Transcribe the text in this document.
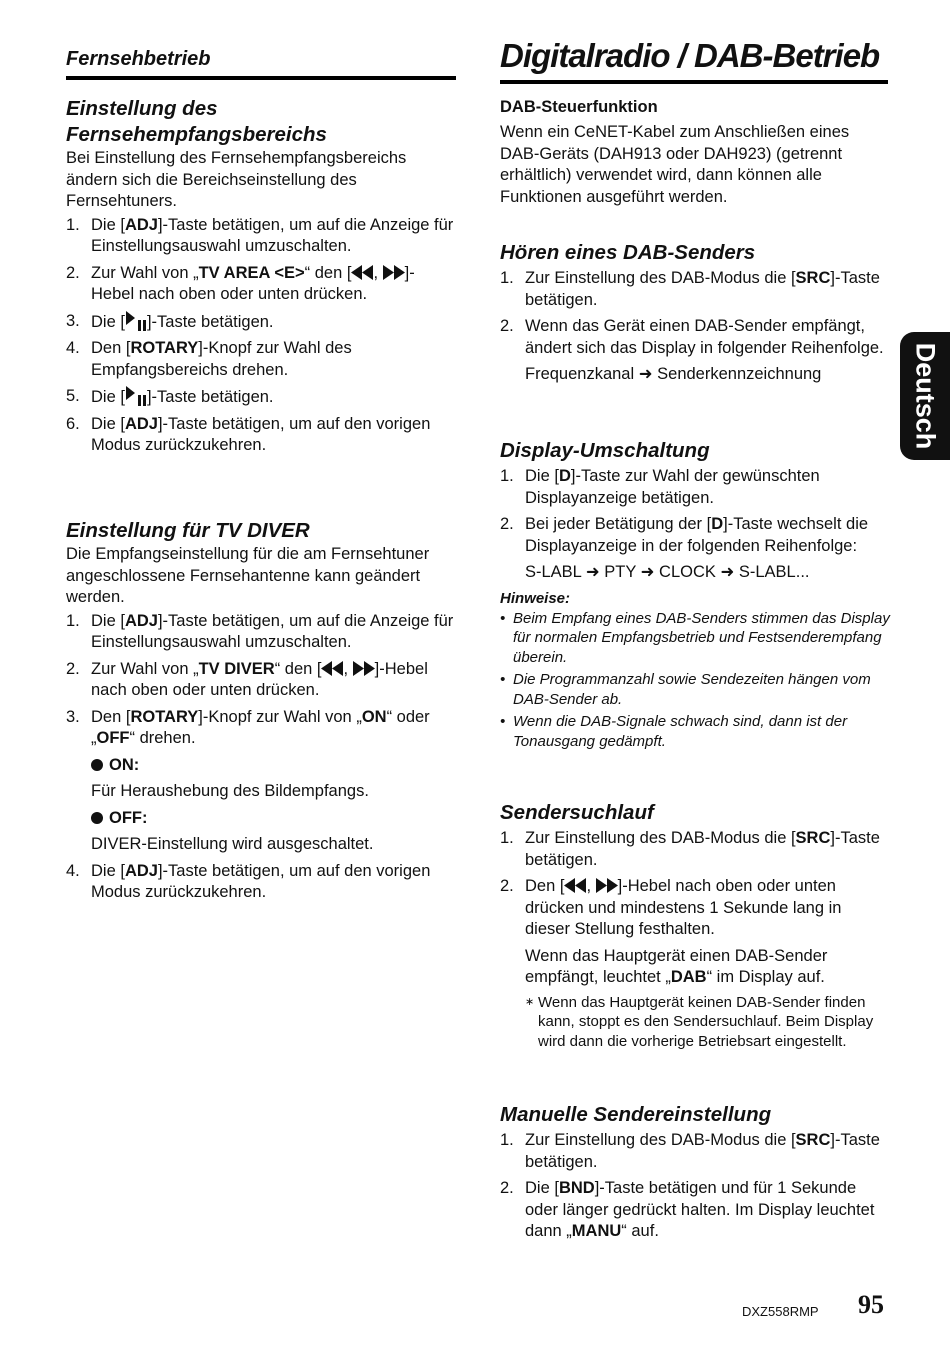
Fernsehbetrieb	Digitalradio / DAB-Betrieb
Einstellung des
Fernsehempfangsbereichs

Bei Einstellung des Fernsehempfangsbereichs ändern sich die Bereichseinstellung des Fernsehtuners.

1. Die [ADJ]-Taste betätigen, um auf die Anzeige für Einstellungsauswahl umzuschalten.
2. Zur Wahl von „TV AREA <E>“ den [ , ]-Hebel nach oben oder unten drücken.
3. Die [ ]-Taste betätigen.
4. Den [ROTARY]-Knopf zur Wahl des Empfangsbereichs drehen.
5. Die [ ]-Taste betätigen.
6. Die [ADJ]-Taste betätigen, um auf den vorigen Modus zurückzukehren.
Einstellung für TV DIVER

Die Empfangseinstellung für die am Fernsehtuner angeschlossene Fernsehantenne kann geändert werden.

1. Die [ADJ]-Taste betätigen, um auf die Anzeige für Einstellungsauswahl umzuschalten.
2. Zur Wahl von „TV DIVER“ den [ , ]-Hebel nach oben oder unten drücken.
3. Den [ROTARY]-Knopf zur Wahl von „ON“ oder „OFF“ drehen.
ON:
Für Heraushebung des Bildempfangs.
OFF:
DIVER-Einstellung wird ausgeschaltet.
4. Die [ADJ]-Taste betätigen, um auf den vorigen Modus zurückzukehren.
DAB-Steuerfunktion

Wenn ein CeNET-Kabel zum Anschließen eines DAB-Geräts (DAH913 oder DAH923) (getrennt erhältlich) verwendet wird, dann können alle Funktionen ausgeführt werden.

Hören eines DAB-Senders
1. Zur Einstellung des DAB-Modus die [SRC]-Taste betätigen.
2. Wenn das Gerät einen DAB-Sender empfängt, ändert sich das Display in folgender Reihenfolge.
Frequenzkanal ➜ Senderkennzeichnung
Display-Umschaltung
1. Die [D]-Taste zur Wahl der gewünschten Displayanzeige betätigen.
2. Bei jeder Betätigung der [D]-Taste wechselt die Displayanzeige in der folgenden Reihenfolge:
S-LABL ➜ PTY ➜ CLOCK ➜ S-LABL...
Hinweise:
• Beim Empfang eines DAB-Senders stimmen das Display für normalen Empfangsbetrieb und Festsenderempfang überein.
• Die Programmanzahl sowie Sendezeiten hängen vom DAB-Sender ab.
• Wenn die DAB-Signale schwach sind, dann ist der Tonausgang gedämpft.
Sendersuchlauf
1. Zur Einstellung des DAB-Modus die [SRC]-Taste betätigen.
2. Den [ , ]-Hebel nach oben oder unten drücken und mindestens 1 Sekunde lang in dieser Stellung festhalten.
Wenn das Hauptgerät einen DAB-Sender empfängt, leuchtet „DAB“ im Display auf.
∗ Wenn das Hauptgerät keinen DAB-Sender finden kann, stoppt es den Sendersuchlauf. Beim Display wird dann die vorherige Betriebsart eingestellt.
Manuelle Sendereinstellung
1. Zur Einstellung des DAB-Modus die [SRC]-Taste betätigen.
2. Die [BND]-Taste betätigen und für 1 Sekunde oder länger gedrückt halten. Im Display leuchtet dann „MANU“ auf.
Deutsch
DXZ558RMP 95
